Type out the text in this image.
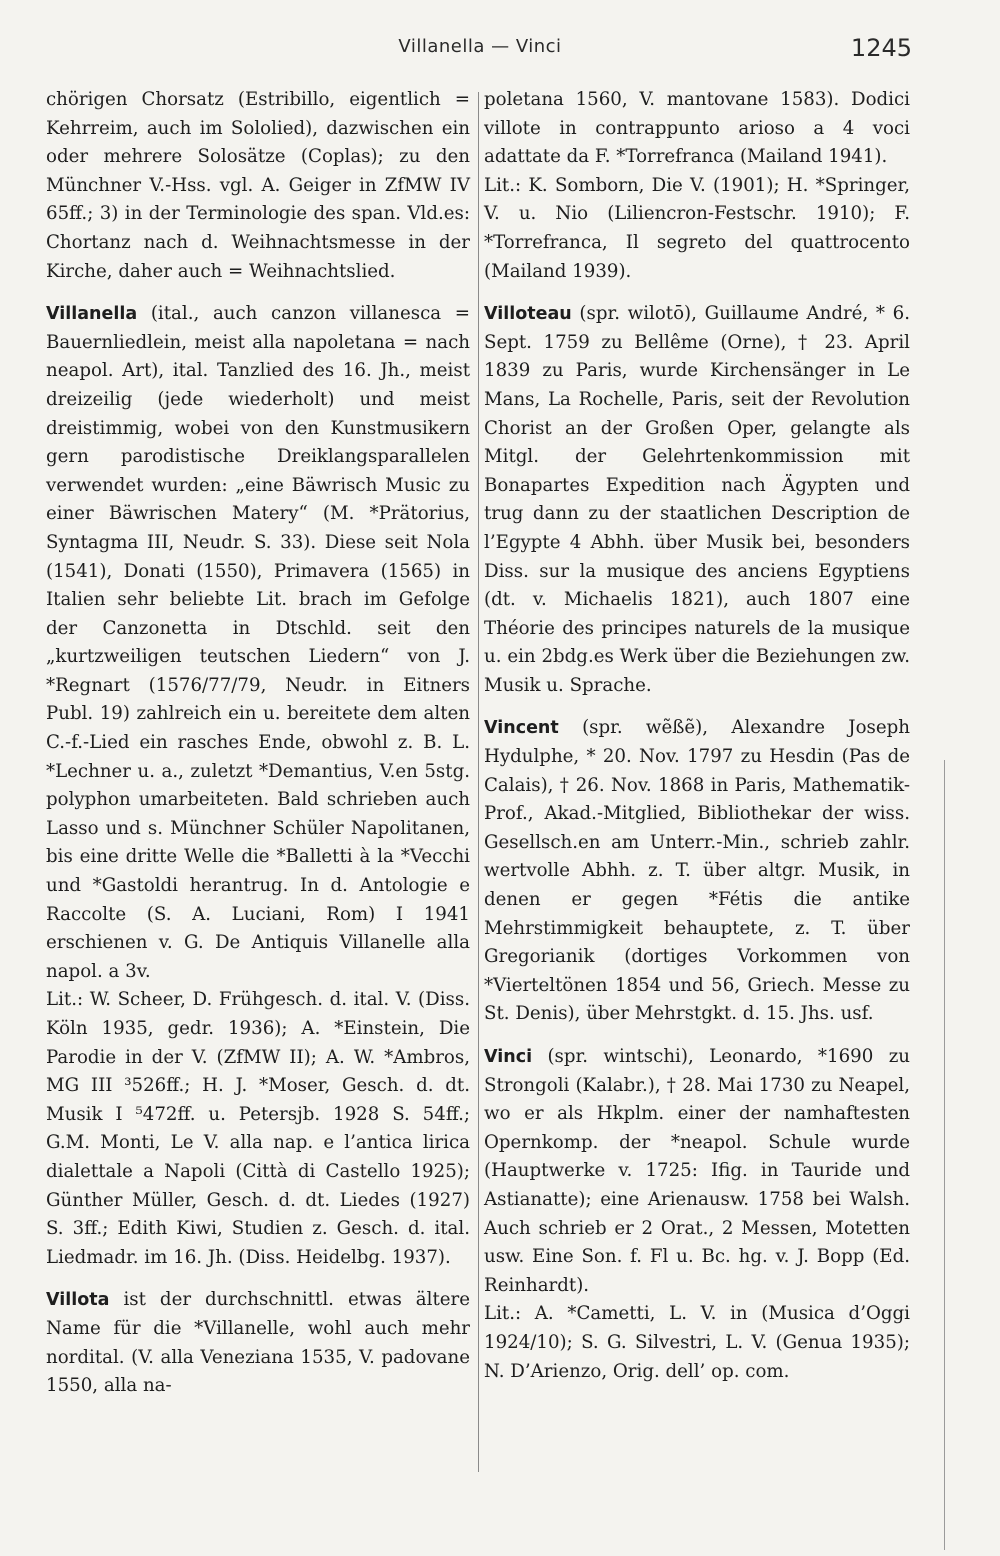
Villanella — Vinci	1245

chörigen Chorsatz (Estribillo, eigentlich = Kehrreim, auch im Sololied), dazwischen ein oder mehrere Solosätze (Coplas); zu den Münchner V.-Hss. vgl. A. Geiger in ZfMW IV 65ff.; 3) in der Terminologie des span. Vld.es: Chortanz nach d. Weihnachtsmesse in der Kirche, daher auch = Weihnachtslied.

Villanella (ital., auch canzon villanesca = Bauernliedlein, meist alla napoletana = nach neapol. Art), ital. Tanzlied des 16. Jh., meist dreizeilig (jede wiederholt) und meist dreistimmig, wobei von den Kunstmusikern gern parodistische Dreiklangsparallelen verwendet wurden: „eine Bäwrisch Music zu einer Bäwrischen Matery“ (M. *Prätorius, Syntagma III, Neudr. S. 33). Diese seit Nola (1541), Donati (1550), Primavera (1565) in Italien sehr beliebte Lit. brach im Gefolge der Canzonetta in Dtschld. seit den „kurtzweiligen teutschen Liedern“ von J. *Regnart (1576/77/79, Neudr. in Eitners Publ. 19) zahlreich ein u. bereitete dem alten C.-f.-Lied ein rasches Ende, obwohl z. B. L. *Lechner u. a., zuletzt *Demantius, V.en 5stg. polyphon umarbeiteten. Bald schrieben auch Lasso und s. Münchner Schüler Napolitanen, bis eine dritte Welle die *Balletti à la *Vecchi und *Gastoldi herantrug. In d. Antologie e Raccolte (S. A. Luciani, Rom) I 1941 erschienen v. G. De Antiquis Villanelle alla napol. a 3v.

Lit.: W. Scheer, D. Frühgesch. d. ital. V. (Diss. Köln 1935, gedr. 1936); A. *Einstein, Die Parodie in der V. (ZfMW II); A. W. *Ambros, MG III ³526ff.; H. J. *Moser, Gesch. d. dt. Musik I ⁵472ff. u. Petersjb. 1928 S. 54ff.; G.M. Monti, Le V. alla nap. e l’antica lirica dialettale a Napoli (Città di Castello 1925); Günther Müller, Gesch. d. dt. Liedes (1927) S. 3ff.; Edith Kiwi, Studien z. Gesch. d. ital. Liedmadr. im 16. Jh. (Diss. Heidelbg. 1937).

Villota ist der durchschnittl. etwas ältere Name für die *Villanelle, wohl auch mehr nordital. (V. alla Veneziana 1535, V. padovane 1550, alla na-

poletana 1560, V. mantovane 1583). Dodici villote in contrappunto arioso a 4 voci adattate da F. *Torrefranca (Mailand 1941).

Lit.: K. Somborn, Die V. (1901); H. *Springer, V. u. Nio (Liliencron-Festschr. 1910); F. *Torrefranca, Il segreto del quattrocento (Mailand 1939).

Villoteau (spr. wilotō), Guillaume André, * 6. Sept. 1759 zu Bellême (Orne), † 23. April 1839 zu Paris, wurde Kirchensänger in Le Mans, La Rochelle, Paris, seit der Revolution Chorist an der Großen Oper, gelangte als Mitgl. der Gelehrtenkommission mit Bonapartes Expedition nach Ägypten und trug dann zu der staatlichen Description de l’Egypte 4 Abhh. über Musik bei, besonders Diss. sur la musique des anciens Egyptiens (dt. v. Michaelis 1821), auch 1807 eine Théorie des principes naturels de la musique u. ein 2bdg.es Werk über die Beziehungen zw. Musik u. Sprache.

Vincent (spr. wẽßẽ), Alexandre Joseph Hydulphe, * 20. Nov. 1797 zu Hesdin (Pas de Calais), † 26. Nov. 1868 in Paris, Mathematik-Prof., Akad.-Mitglied, Bibliothekar der wiss. Gesellsch.en am Unterr.-Min., schrieb zahlr. wertvolle Abhh. z. T. über altgr. Musik, in denen er gegen *Fétis die antike Mehrstimmigkeit behauptete, z. T. über Gregorianik (dortiges Vorkommen von *Vierteltönen 1854 und 56, Griech. Messe zu St. Denis), über Mehrstgkt. d. 15. Jhs. usf.

Vinci (spr. wintschi), Leonardo, *1690 zu Strongoli (Kalabr.), † 28. Mai 1730 zu Neapel, wo er als Hkplm. einer der namhaftesten Opernkomp. der *neapol. Schule wurde (Hauptwerke v. 1725: Ifig. in Tauride und Astianatte); eine Arienausw. 1758 bei Walsh. Auch schrieb er 2 Orat., 2 Messen, Motetten usw. Eine Son. f. Fl u. Bc. hg. v. J. Bopp (Ed. Reinhardt).

Lit.: A. *Cametti, L. V. in (Musica d’Oggi 1924/10); S. G. Silvestri, L. V. (Genua 1935); N. D’Arienzo, Orig. dell’ op. com.
